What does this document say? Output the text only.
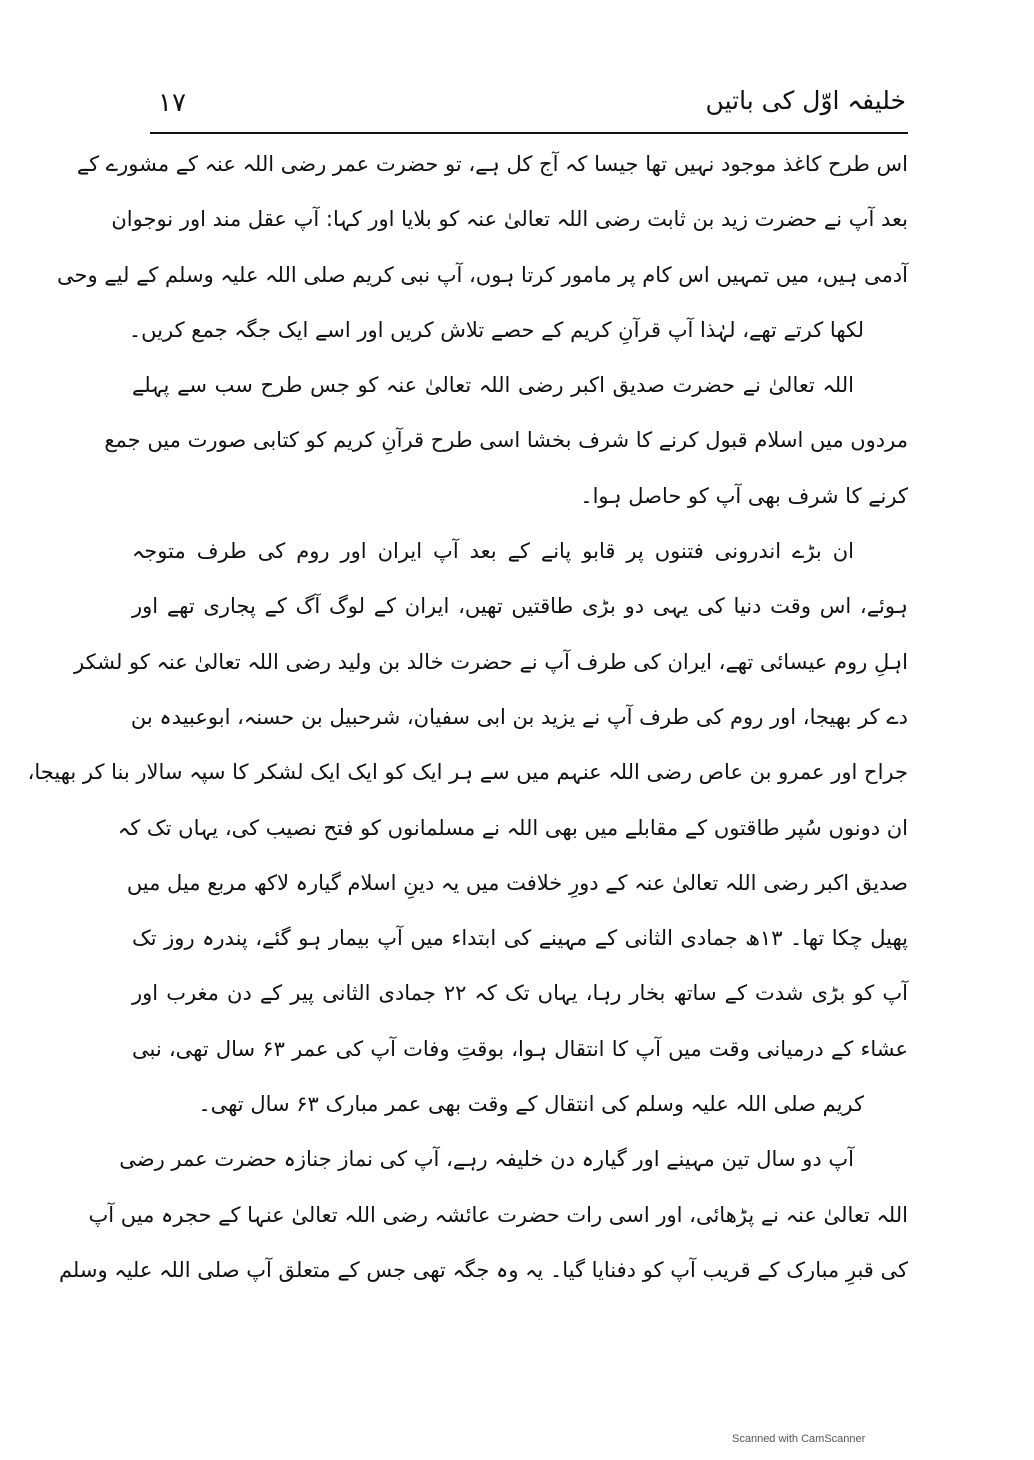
١٧	خلیفہ اوّل کی باتیں
اس طرح کاغذ موجود نہیں تھا جیسا کہ آج کل ہے، تو حضرت عمر رضی اللہ عنہ کے مشورے کے
بعد آپ نے حضرت زید بن ثابت رضی اللہ تعالیٰ عنہ کو بلایا اور کہا: آپ عقل مند اور نوجوان
آدمی ہیں، میں تمہیں اس کام پر مامور کرتا ہوں، آپ نبی کریم صلی اللہ علیہ وسلم کے لیے وحی
لکھا کرتے تھے، لہٰذا آپ قرآنِ کریم کے حصے تلاش کریں اور اسے ایک جگہ جمع کریں۔
اللہ تعالیٰ نے حضرت صدیق اکبر رضی اللہ تعالیٰ عنہ کو جس طرح سب سے پہلے
مردوں میں اسلام قبول کرنے کا شرف بخشا اسی طرح قرآنِ کریم کو کتابی صورت میں جمع
کرنے کا شرف بھی آپ کو حاصل ہوا۔
ان بڑے اندرونی فتنوں پر قابو پانے کے بعد آپ ایران اور روم کی طرف متوجہ
ہوئے، اس وقت دنیا کی یہی دو بڑی طاقتیں تھیں، ایران کے لوگ آگ کے پجاری تھے اور
اہلِ روم عیسائی تھے، ایران کی طرف آپ نے حضرت خالد بن ولید رضی اللہ تعالیٰ عنہ کو لشکر
دے کر بھیجا، اور روم کی طرف آپ نے یزید بن ابی سفیان، شرحبیل بن حسنہ، ابوعبیدہ بن
جراح اور عمرو بن عاص رضی اللہ عنہم میں سے ہر ایک کو ایک ایک لشکر کا سپہ سالار بنا کر بھیجا،
ان دونوں سُپر طاقتوں کے مقابلے میں بھی اللہ نے مسلمانوں کو فتح نصیب کی، یہاں تک کہ
صدیق اکبر رضی اللہ تعالیٰ عنہ کے دورِ خلافت میں یہ دینِ اسلام گیارہ لاکھ مربع میل میں
پھیل چکا تھا۔ ۱۳ھ جمادی الثانی کے مہینے کی ابتداء میں آپ بیمار ہو گئے، پندرہ روز تک
آپ کو بڑی شدت کے ساتھ بخار رہا، یہاں تک کہ ۲۲ جمادی الثانی پیر کے دن مغرب اور
عشاء کے درمیانی وقت میں آپ کا انتقال ہوا، بوقتِ وفات آپ کی عمر ۶۳ سال تھی، نبی
کریم صلی اللہ علیہ وسلم کی انتقال کے وقت بھی عمر مبارک ۶۳ سال تھی۔
آپ دو سال تین مہینے اور گیارہ دن خلیفہ رہے، آپ کی نماز جنازہ حضرت عمر رضی
اللہ تعالیٰ عنہ نے پڑھائی، اور اسی رات حضرت عائشہ رضی اللہ تعالیٰ عنہا کے حجرہ میں آپ
کی قبرِ مبارک کے قریب آپ کو دفنایا گیا۔ یہ وہ جگہ تھی جس کے متعلق آپ صلی اللہ علیہ وسلم
Scanned with CamScanner
